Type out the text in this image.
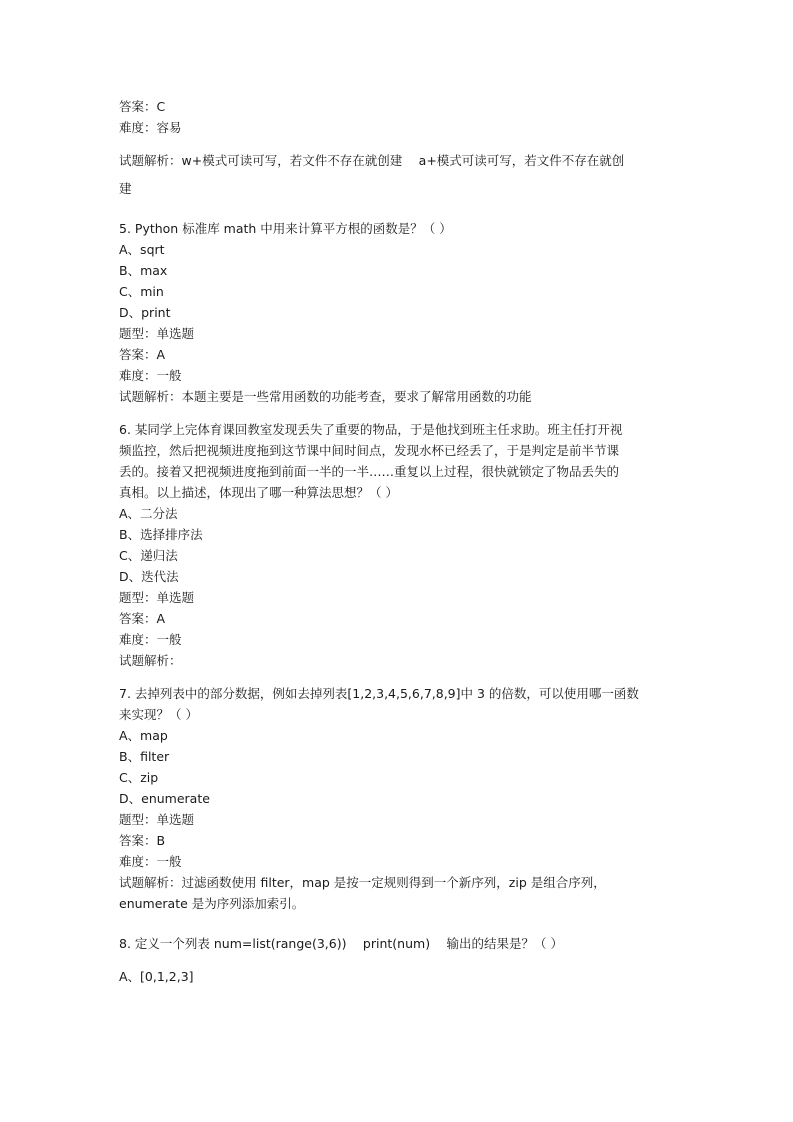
答案：C
难度：容易
试题解析：w+模式可读可写，若文件不存在就创建　 a+模式可读可写，若文件不存在就创
建
5. Python 标准库 math 中用来计算平方根的函数是？（ ）
A、sqrt
B、max
C、min
D、print
题型：单选题
答案：A
难度：一般
试题解析：本题主要是一些常用函数的功能考查，要求了解常用函数的功能
6. 某同学上完体育课回教室发现丢失了重要的物品，于是他找到班主任求助。班主任打开视
频监控，然后把视频进度拖到这节课中间时间点，发现水杯已经丢了，于是判定是前半节课
丢的。接着又把视频进度拖到前面一半的一半……重复以上过程，很快就锁定了物品丢失的
真相。以上描述，体现出了哪一种算法思想？（ ）
A、二分法
B、选择排序法
C、递归法
D、迭代法
题型：单选题
答案：A
难度：一般
试题解析：
7. 去掉列表中的部分数据，例如去掉列表[1,2,3,4,5,6,7,8,9]中 3 的倍数，可以使用哪一函数
来实现？（ ）
A、map
B、filter
C、zip
D、enumerate
题型：单选题
答案：B
难度：一般
试题解析：过滤函数使用 filter，map 是按一定规则得到一个新序列，zip 是组合序列，
enumerate 是为序列添加索引。
8. 定义一个列表 num=list(range(3,6))　 print(num)　 输出的结果是？（ ）
A、[0,1,2,3]
